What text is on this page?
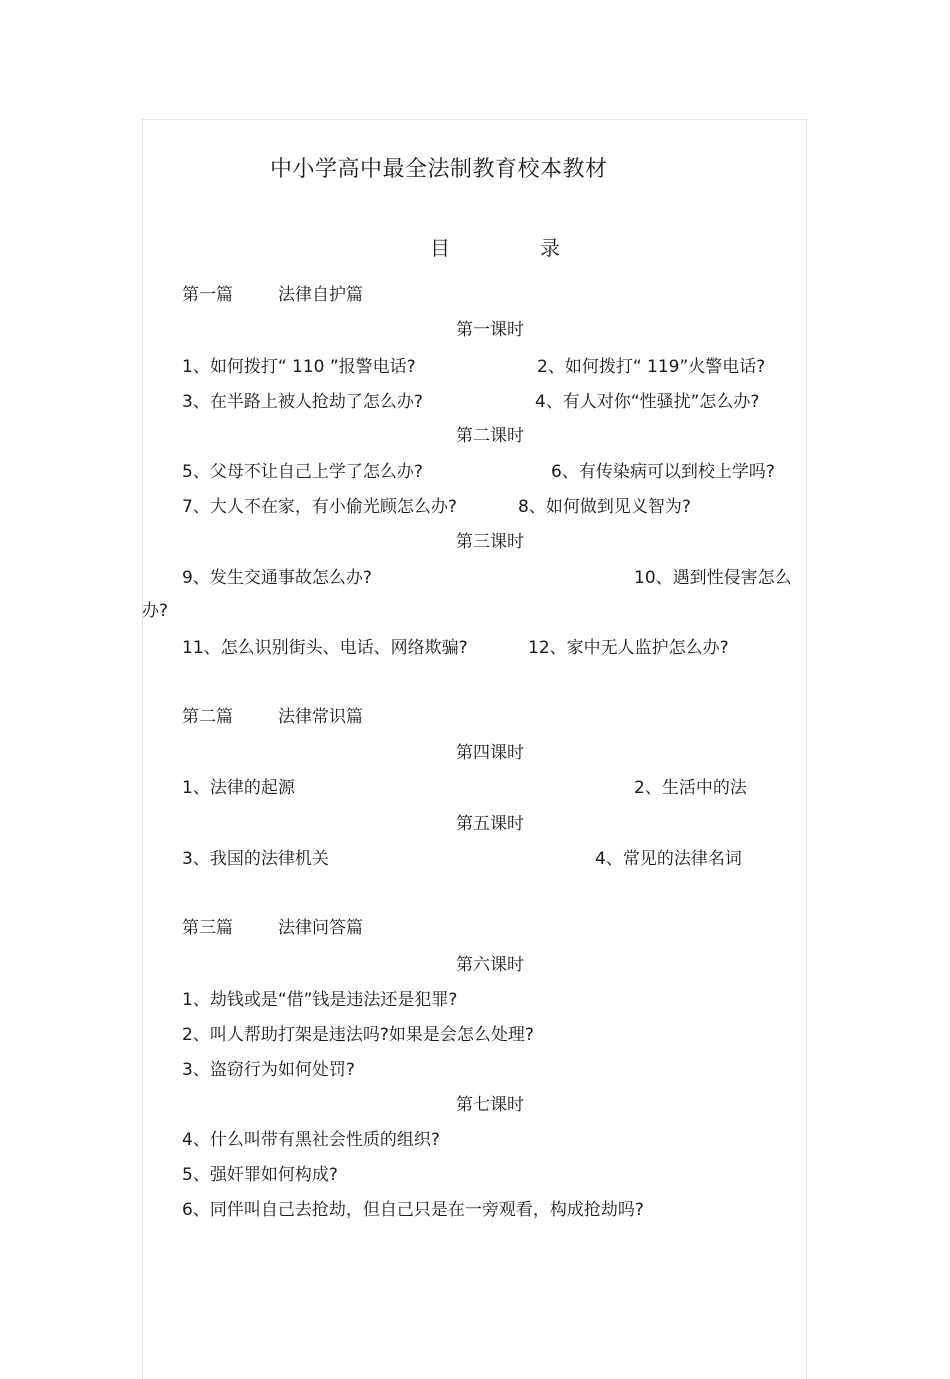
中小学高中最全法制教育校本教材
目	录
第一篇	法律自护篇
第一课时
1、如何拨打“ 110 ”报警电话?	2、如何拨打“ 119”火警电话?
3、在半路上被人抢劫了怎么办?	4、有人对你“性骚扰”怎么办?
第二课时
5、父母不让自己上学了怎么办?	6、有传染病可以到校上学吗?
7、大人不在家，有小偷光顾怎么办?	8、如何做到见义智为?
第三课时
9、发生交通事故怎么办?	10、遇到性侵害怎么
办?
11、怎么识别街头、电话、网络欺骗?	12、家中无人监护怎么办?
第二篇	法律常识篇
第四课时
1、法律的起源	2、生活中的法
第五课时
3、我国的法律机关	4、常见的法律名词
第三篇	法律问答篇
第六课时
1、劫钱或是“借”钱是违法还是犯罪?
2、叫人帮助打架是违法吗?如果是会怎么处理?
3、盗窃行为如何处罚?
第七课时
4、什么叫带有黑社会性质的组织?
5、强奸罪如何构成?
6、同伴叫自己去抢劫，但自己只是在一旁观看，构成抢劫吗?
